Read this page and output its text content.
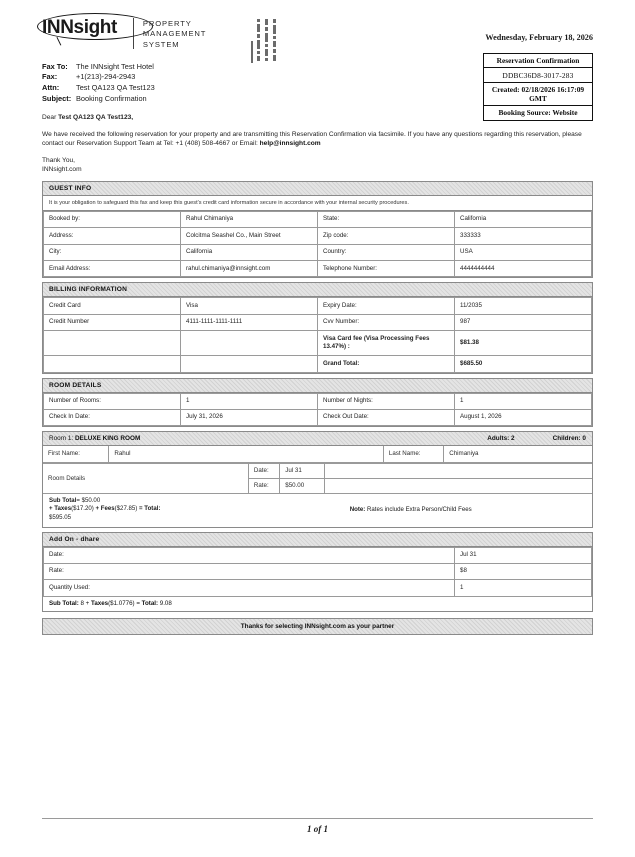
INNsight	PROPERTY
MANAGEMENT
SYSTEM
Wednesday, February 18, 2026
Reservation Confirmation
DDBC36D8-3017-283
Created: 02/18/2026 16:17:09 GMT
Booking Source: Website
Fax To:	The INNsight Test Hotel
Fax:	+1(213)-294-2943
Attn:	Test QA123 QA Test123
Subject: Booking Confirmation
Dear Test QA123 QA Test123,

We have received the following reservation for your property and are transmitting this Reservation Confirmation via facsimile. If you have any questions regarding this reservation, please contact our Reservation Support Team at Tel: +1 (408) 508-4667 or Email: help@innsight.com

Thank You,
INNsight.com
GUEST INFO
It is your obligation to safeguard this fax and keep this guest's credit card information secure in accordance with your internal security procedures.
Booked by:	Rahul Chimaniya	State:	California
Address:	Colcitma Seashel Co., Main Street	Zip code:	333333
City:	California	Country:	USA
Email Address:	rahul.chimaniya@innsight.com	Telephone Number:	4444444444
BILLING INFORMATION
Credit Card	Visa	Expiry Date:	11/2035
Credit Number	4111-1111-1111-1111	Cvv Number:	987
		Visa Card fee (Visa Processing Fees 13.47%) :	$81.38
		Grand Total:	$685.50
ROOM DETAILS
Number of Rooms:	1	Number of Nights:	1
Check In Date:	July 31, 2026	Check Out Date:	August 1, 2026
Room 1: DELUXE KING ROOM	Adults: 2	Children: 0
First Name:	Rahul	Last Name:	Chimaniya
Room Details
Date:	Jul 31	
Rate:	$50.00	
Sub Total= $50.00
+ Taxes($17.20) + Fees($27.85) = Total:
$595.05
Note: Rates include Extra Person/Child Fees
Add On - dhare
Date:	Jul 31
Rate:	$8
Quantity Used:	1
Sub Total: 8 + Taxes($1.0776) = Total: 9.08
Thanks for selecting INNsight.com as your partner
1 of 1
